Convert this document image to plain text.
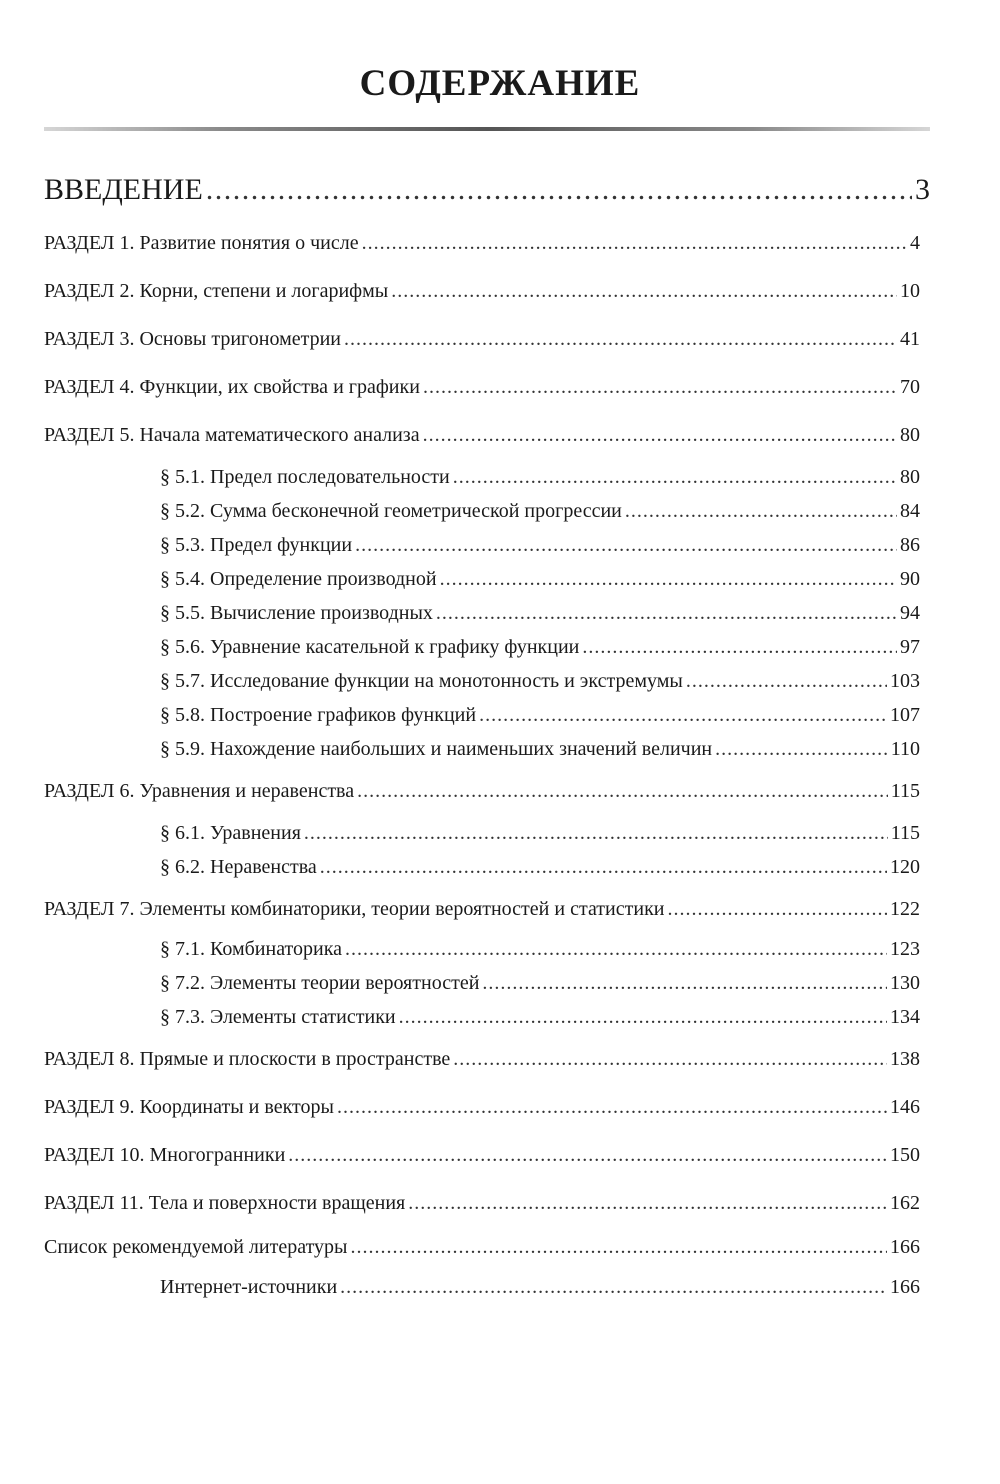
СОДЕРЖАНИЕ
ВВЕДЕНИЕ .....	3
РАЗДЕЛ 1. Развитие понятия о числе .....	4
РАЗДЕЛ 2. Корни, степени и логарифмы .....	10
РАЗДЕЛ 3. Основы тригонометрии .....	41
РАЗДЕЛ 4. Функции, их свойства и графики .....	70
РАЗДЕЛ 5. Начала математического анализа .....	80
§ 5.1. Предел последовательности .....	80
§ 5.2. Сумма бесконечной геометрической прогрессии .....	84
§ 5.3. Предел функции .....	86
§ 5.4. Определение производной .....	90
§ 5.5. Вычисление производных .....	94
§ 5.6. Уравнение касательной к графику функции .....	97
§ 5.7. Исследование функции на монотонность и экстремумы .....	103
§ 5.8. Построение графиков функций .....	107
§ 5.9. Нахождение наибольших и наименьших значений величин .....	110
РАЗДЕЛ 6. Уравнения и неравенства .....	115
§ 6.1. Уравнения .....	115
§ 6.2. Неравенства .....	120
РАЗДЕЛ 7. Элементы комбинаторики, теории вероятностей и статистики .....	122
§ 7.1. Комбинаторика .....	123
§ 7.2. Элементы теории вероятностей .....	130
§ 7.3. Элементы статистики .....	134
РАЗДЕЛ 8. Прямые и плоскости в пространстве .....	138
РАЗДЕЛ 9. Координаты и векторы .....	146
РАЗДЕЛ 10. Многогранники .....	150
РАЗДЕЛ 11. Тела и поверхности вращения .....	162
Список рекомендуемой литературы .....	166
Интернет-источники .....	166
